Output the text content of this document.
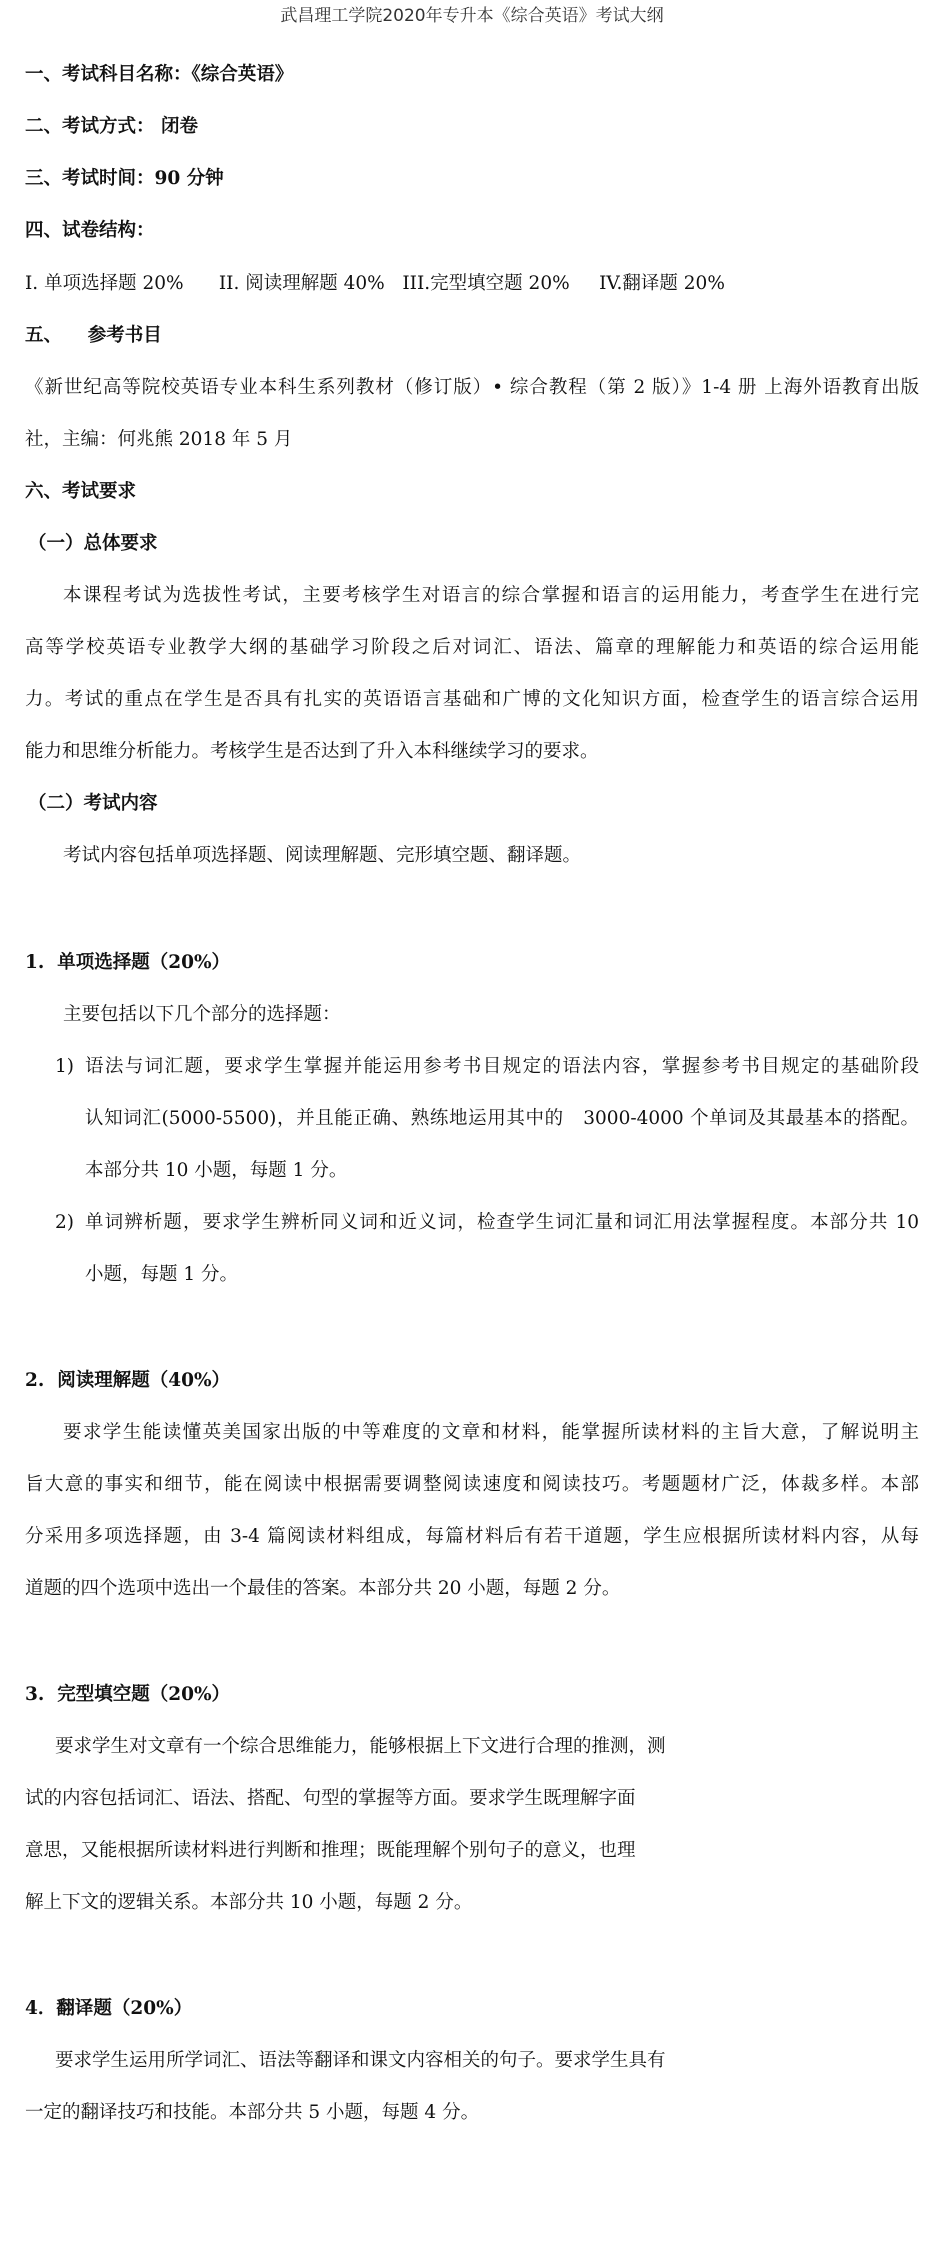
武昌理工学院2020年专升本《综合英语》考试大纲
一、考试科目名称：《综合英语》
二、考试方式： 闭卷
三、考试时间：90 分钟
四、试卷结构：
I. 单项选择题 20%      II. 阅读理解题 40%   III.完型填空题 20%     IV.翻译题 20%
五、    参考书目
《新世纪高等院校英语专业本科生系列教材（修订版）• 综合教程（第 2 版）》1-4 册 上海外语教育出版
社，主编：何兆熊 2018 年 5 月
六、考试要求
（一）总体要求
本课程考试为选拔性考试，主要考核学生对语言的综合掌握和语言的运用能力，考查学生在进行完
高等学校英语专业教学大纲的基础学习阶段之后对词汇、语法、篇章的理解能力和英语的综合运用能
力。考试的重点在学生是否具有扎实的英语语言基础和广博的文化知识方面，检查学生的语言综合运用
能力和思维分析能力。考核学生是否达到了升入本科继续学习的要求。
（二）考试内容
考试内容包括单项选择题、阅读理解题、完形填空题、翻译题。
1.  单项选择题（20%）
主要包括以下几个部分的选择题：
1) 语法与词汇题，要求学生掌握并能运用参考书目规定的语法内容，掌握参考书目规定的基础阶段
认知词汇(5000-5500)，并且能正确、熟练地运用其中的   3000-4000 个单词及其最基本的搭配。
本部分共 10 小题，每题 1 分。
2) 单词辨析题，要求学生辨析同义词和近义词，检查学生词汇量和词汇用法掌握程度。本部分共 10
小题，每题 1 分。
2.  阅读理解题（40%）
要求学生能读懂英美国家出版的中等难度的文章和材料，能掌握所读材料的主旨大意，了解说明主
旨大意的事实和细节，能在阅读中根据需要调整阅读速度和阅读技巧。考题题材广泛，体裁多样。本部
分采用多项选择题，由 3-4 篇阅读材料组成，每篇材料后有若干道题，学生应根据所读材料内容，从每
道题的四个选项中选出一个最佳的答案。本部分共 20 小题，每题 2 分。
3.  完型填空题（20%）
要求学生对文章有一个综合思维能力，能够根据上下文进行合理的推测，测
试的内容包括词汇、语法、搭配、句型的掌握等方面。要求学生既理解字面
意思，又能根据所读材料进行判断和推理；既能理解个别句子的意义，也理
解上下文的逻辑关系。本部分共 10 小题，每题 2 分。
4．翻译题（20%）
要求学生运用所学词汇、语法等翻译和课文内容相关的句子。要求学生具有
一定的翻译技巧和技能。本部分共 5 小题，每题 4 分。
